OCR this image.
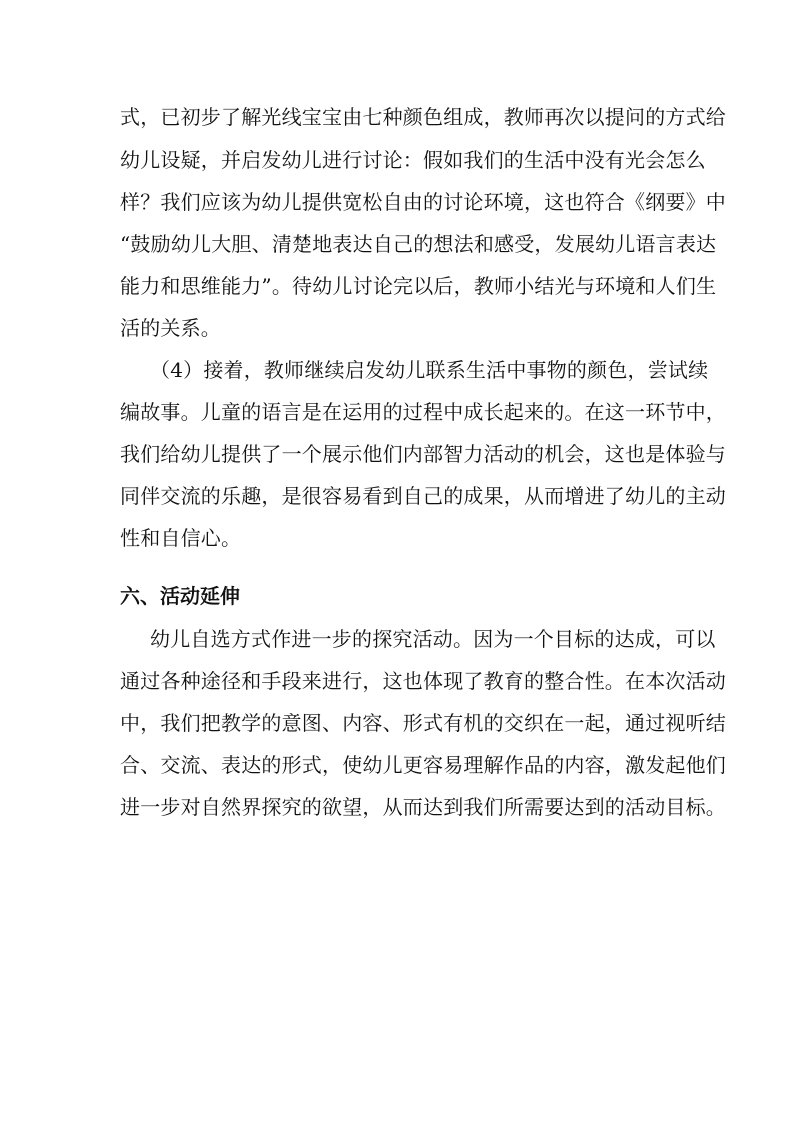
式，已初步了解光线宝宝由七种颜色组成，教师再次以提问的方式给
幼儿设疑，并启发幼儿进行讨论：假如我们的生活中没有光会怎么
样？我们应该为幼儿提供宽松自由的讨论环境，这也符合《纲要》中
“鼓励幼儿大胆、清楚地表达自己的想法和感受，发展幼儿语言表达
能力和思维能力”。待幼儿讨论完以后，教师小结光与环境和人们生
活的关系。
（4）接着，教师继续启发幼儿联系生活中事物的颜色，尝试续
编故事。儿童的语言是在运用的过程中成长起来的。在这一环节中，
我们给幼儿提供了一个展示他们内部智力活动的机会，这也是体验与
同伴交流的乐趣，是很容易看到自己的成果，从而增进了幼儿的主动
性和自信心。
六、活动延伸
幼儿自选方式作进一步的探究活动。因为一个目标的达成，可以
通过各种途径和手段来进行，这也体现了教育的整合性。在本次活动
中，我们把教学的意图、内容、形式有机的交织在一起，通过视听结
合、交流、表达的形式，使幼儿更容易理解作品的内容，激发起他们
进一步对自然界探究的欲望，从而达到我们所需要达到的活动目标。
